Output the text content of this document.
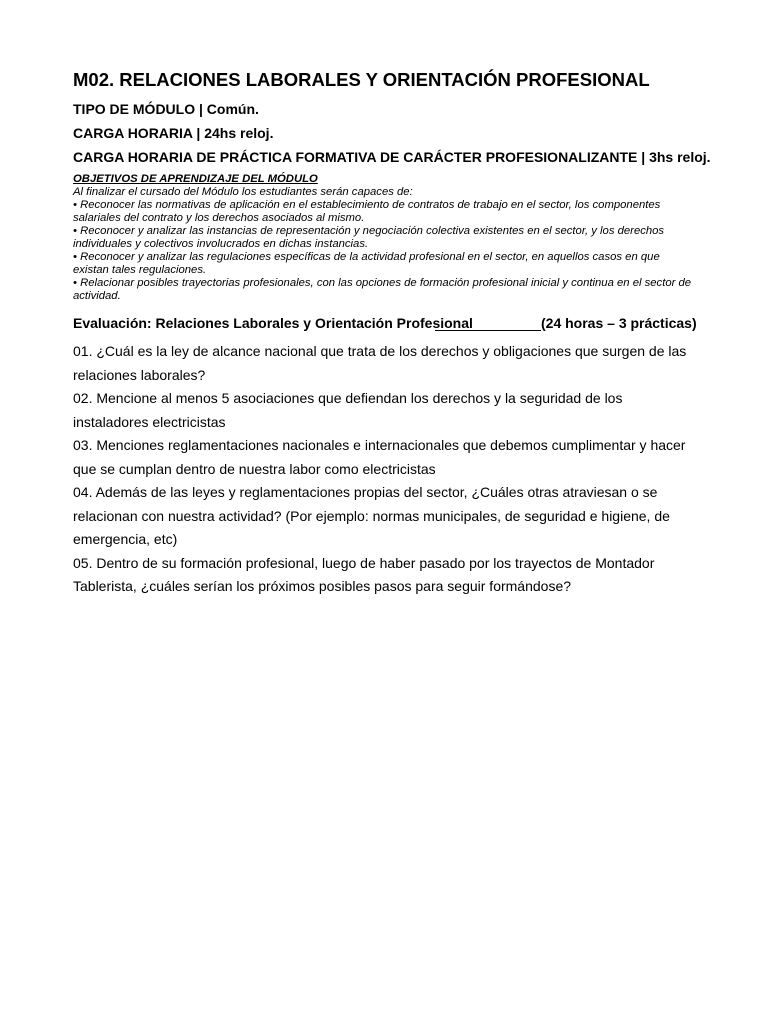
M02. RELACIONES LABORALES Y ORIENTACIÓN PROFESIONAL
TIPO DE MÓDULO | Común.
CARGA HORARIA | 24hs reloj.
CARGA HORARIA DE PRÁCTICA FORMATIVA DE CARÁCTER PROFESIONALIZANTE | 3hs reloj.
OBJETIVOS DE APRENDIZAJE DEL MÓDULO
Al finalizar el cursado del Módulo los estudiantes serán capaces de:
• Reconocer las normativas de aplicación en el establecimiento de contratos de trabajo en el sector, los componentes salariales del contrato y los derechos asociados al mismo.
• Reconocer y analizar las instancias de representación y negociación colectiva existentes en el sector, y los derechos individuales y colectivos involucrados en dichas instancias.
• Reconocer y analizar las regulaciones específicas de la actividad profesional en el sector, en aquellos casos en que existan tales regulaciones.
• Relacionar posibles trayectorias profesionales, con las opciones de formación profesional inicial y continua en el sector de actividad.
Evaluación: Relaciones Laborales y Orientación Profesional	(24 horas – 3 prácticas)

01. ¿Cuál es la ley de alcance nacional que trata de los derechos y obligaciones que surgen de las relaciones laborales?

02. Mencione al menos 5 asociaciones que defiendan los derechos y la seguridad de los instaladores electricistas

03. Menciones reglamentaciones nacionales e internacionales que debemos cumplimentar y hacer que se cumplan dentro de nuestra labor como electricistas

04. Además de las leyes y reglamentaciones propias del sector, ¿Cuáles otras atraviesan o se relacionan con nuestra actividad? (Por ejemplo: normas municipales, de seguridad e higiene, de emergencia, etc)

05. Dentro de su formación profesional, luego de haber pasado por los trayectos de Montador Tablerista, ¿cuáles serían los próximos posibles pasos para seguir formándose?
